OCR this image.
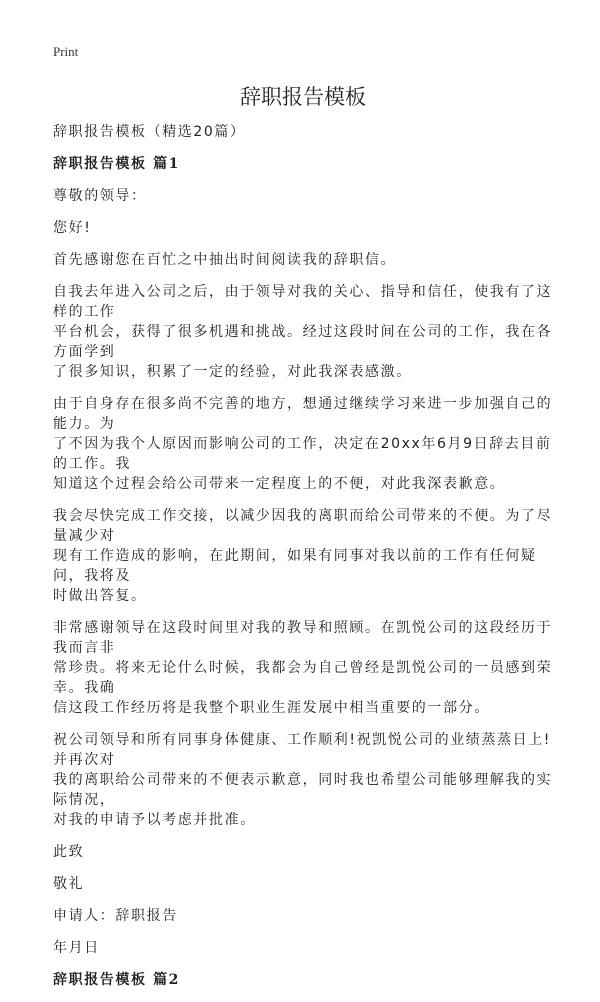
Print
辞职报告模板

辞职报告模板（精选20篇）

辞职报告模板 篇1

尊敬的领导：

您好!

首先感谢您在百忙之中抽出时间阅读我的辞职信。

自我去年进入公司之后，由于领导对我的关心、指导和信任，使我有了这样的工作
平台机会，获得了很多机遇和挑战。经过这段时间在公司的工作，我在各方面学到
了很多知识，积累了一定的经验，对此我深表感激。

由于自身存在很多尚不完善的地方，想通过继续学习来进一步加强自己的能力。为
了不因为我个人原因而影响公司的工作，决定在20xx年6月9日辞去目前的工作。我
知道这个过程会给公司带来一定程度上的不便，对此我深表歉意。

我会尽快完成工作交接，以减少因我的离职而给公司带来的不便。为了尽量减少对
现有工作造成的影响，在此期间，如果有同事对我以前的工作有任何疑问，我将及
时做出答复。

非常感谢领导在这段时间里对我的教导和照顾。在凯悦公司的这段经历于我而言非
常珍贵。将来无论什么时候，我都会为自己曾经是凯悦公司的一员感到荣幸。我确
信这段工作经历将是我整个职业生涯发展中相当重要的一部分。

祝公司领导和所有同事身体健康、工作顺利!祝凯悦公司的业绩蒸蒸日上!并再次对
我的离职给公司带来的不便表示歉意，同时我也希望公司能够理解我的实际情况，
对我的申请予以考虑并批准。

此致

敬礼

申请人：辞职报告

年月日

辞职报告模板 篇2
